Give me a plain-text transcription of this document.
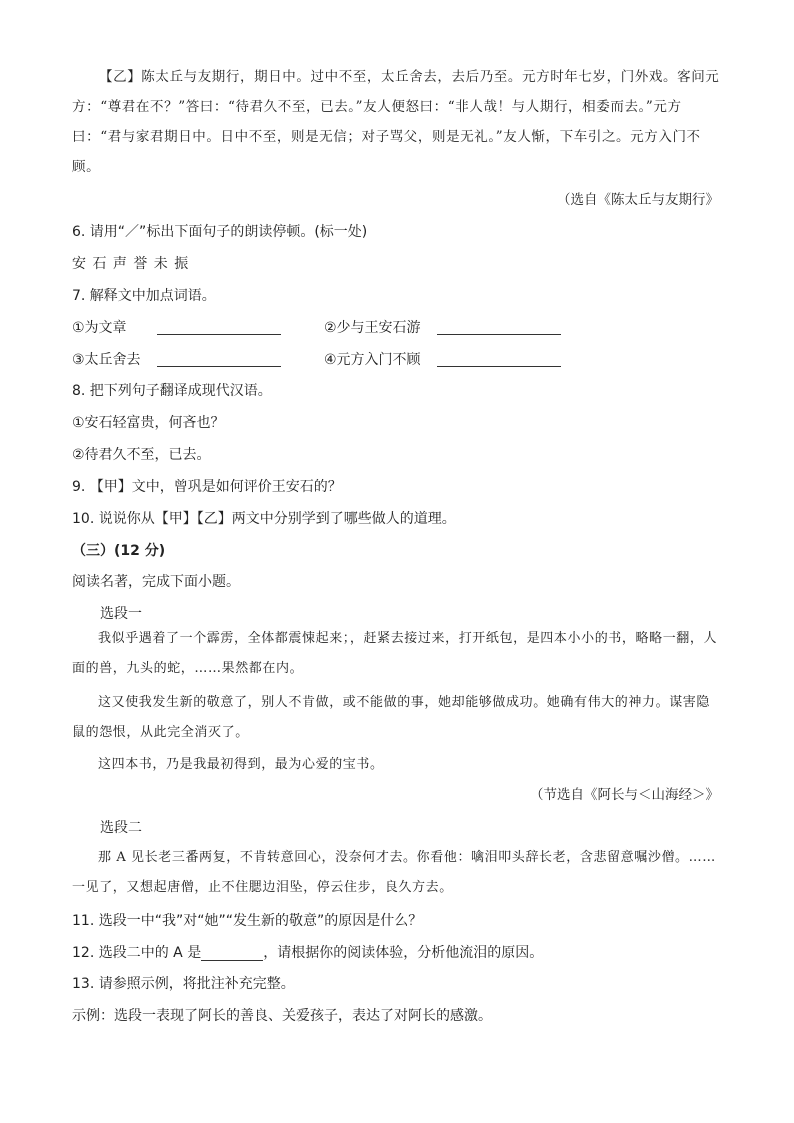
【乙】陈太丘与友期行，期日中。过中不至，太丘舍去，去后乃至。元方时年七岁，门外戏。客问元方：“尊君在不？”答曰：“待君久不至，已去。”友人便怒曰：“非人哉！与人期行，相委而去。”元方曰：“君与家君期日中。日中不至，则是无信；对子骂父，则是无礼。”友人惭，下车引之。元方入门不顾。
（选自《陈太丘与友期行》
6. 请用“／”标出下面句子的朗读停顿。(标一处)
安 石 声 誉 未 振
7. 解释文中加点词语。
①为文章	②少与王安石游
③太丘舍去	④元方入门不顾
8. 把下列句子翻译成现代汉语。
①安石轻富贵，何吝也？
②待君久不至，已去。
9. 【甲】文中，曾巩是如何评价王安石的？
10. 说说你从【甲】【乙】两文中分别学到了哪些做人的道理。
（三）(12 分)
阅读名著，完成下面小题。
选段一
我似乎遇着了一个霹雳，全体都震悚起来；，赶紧去接过来，打开纸包，是四本小小的书，略略一翻，人面的兽，九头的蛇，……果然都在内。
这又使我发生新的敬意了，别人不肯做，或不能做的事，她却能够做成功。她确有伟大的神力。谋害隐鼠的怨恨，从此完全消灭了。
这四本书，乃是我最初得到，最为心爱的宝书。
（节选自《阿长与＜山海经＞》
选段二
那 A 见长老三番两复，不肯转意回心，没奈何才去。你看他：噙泪叩头辞长老，含悲留意嘱沙僧。……一见了，又想起唐僧，止不住腮边泪坠，停云住步，良久方去。
11. 选段一中“我”对“她”“发生新的敬意”的原因是什么？
12. 选段二中的 A 是	，请根据你的阅读体验，分析他流泪的原因。
13. 请参照示例，将批注补充完整。
示例：选段一表现了阿长的善良、关爱孩子，表达了对阿长的感激。
